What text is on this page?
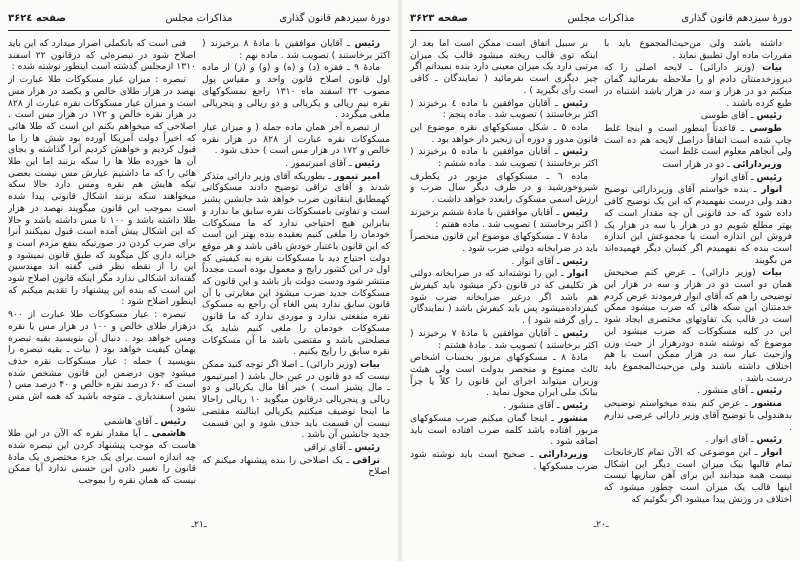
دورهٔ سیزدهم قانون گذاری
مذاکرات مجلس
صفحه ۳۶۲٤

رئیس ـ آقایان موافقین با مادهٔ ۸ برخیزند ( اکثر برخاستند ) تصویب شد . ماده نهم :

مادهٔ ۹ ـ فقره (د) و (ه) و (و) و (ز) از ماده اول قانون اصلاح قانون واحد و مقیاس پول مصوب ۲۲ اسفند ماه ۱۳۱۰ راجع بمسکوکهای نقره نیم ریالی و یکریالی و دو ریالی و پنجریالی ملغی میگردد .

از تبصره آخر همان ماده جمله ( و میزان عیار مسکوکات نقره عبارت از ۸۲۸ در هزار نقره خالص و ۱۷۲ در هزار مس است ) حذف شود .

رئیس ـ آقای امیرتیمور .

امیر تیمور ـ بطوریکه آقای وزیر دارائی متذکر شدند و آقای تراقی توضیح دادند مسکوکاتی کهمطابق اینقانون ضرب خواهد شد جانشین پشیز است و تفاوتی بامسکوکات نقره سابق ما ندارد و بنابراین هیچ احتیاجی ندارد که ما مسکوکات خودمان را ملغی کنیم بعقیده بنده بهتر این است که این قانون باعتبار خودش باقی باشد و هر موقع دولت احتیاج دید با مسکوکات نقره به کیفیتی که اول در این کشور رایج و معمول بوده است مجدداً منتشر شود ودست دولت باز باشد و این قانون که مسکوکات جدید ضرب میشود این مغایرتی با آن قانون سابق ندارد پس الغاء آن راجع به مسکوک نقره منفعتی ندارد و موردی ندارد که ما قانون مسکوکات خودمان را ملغی کنیم شاید یک مصلحتی باشد و مقتضی باشد ما آن مسکوکات نقره سابق را رایج بکنیم .

بیات (وزیر دارائی) ـ اصلا اگر توجه کنید ممکن نیست که دو قانون در عین حال باشد ( امیرتیمور ـ مال پشیز است ) خیر آقا مال یکریالی و دو ریالی و پنجریالی درقانون میگوید ۱۰ ریالی راحالا ما اینجا توصیف میکنیم یکریالی اینالبته مقتضی نیست آن قسمت باید حذف شود و این قسمت جدید جانشین آن باشد .

رئیس ـ آقای تراقی

تراقی ـ یک اصلاحی را بنده پیشنهاد میکنم که اصلاح

فنی است که بانکملی اصرار میدارد که این باید اصلاح شود در تبصره‌ئی که درقانون ۲۲ اسفند ۱۳۱۰ ازمجلس گذشته است اینطور نوشته شده :

تبصره : میزان عیار مسکوکات طلا عبارت از نهصد در هزار طلای خالص و یکصد در هزار مس است و میزان عیار مسکوکات نقره عبارت از ۸۲۸ در هزار نقره خالص و ۱۷۲ در هزار مس است . اصلاحی که میخواهم بکنم این است که طلا هائی که اخیراً دولت آمریکا آورده بود شش ها را ما قبول کردیم و خواهش کردیم آنرا گذاشته و بجای آن ها خورده طلا ها را سکه بزنند اما این طلا هائی را که ما داشتیم عیارش مس نیست بعضی تیکه هایش هم نقره ومس دارد حالا سکه میخواهند سکه بزنند اشکال قانونی پیدا شده است بموجب این قانون میگویند نهصد در هزار طلا داشته باشد و ۱۰۰ تا مس داشته باشد و حالا که این اشکال پیش آمده است قبول نمیکنند آنرا برای ضرب کردن در صورتیکه بنفع مردم است و خزانه داری کل میگوید که طبق قانون نمیشود و این را از نقطه نظر فنی گفته اند مهندسین گفته‌اند اشکالی ندارد مگر اینکه قانون اصلاح شود این است که بنده این پیشنهاد را تقدیم میکنم که اینطور اصلاح شود :

تبصره : عیار مسکوکات طلا عبارت از ۹۰۰ درهزار طلای خالص و ۱۰۰ در هزار مس یا نقره ومس خواهد بود . دنبال آن بنویسید بقیه تبصره بهمان کیفیت خواهد بود ( بیات ـ بقیه تبصره را بنویسید ) جمله : عیار مسکوکات نقره حذف میشود چون درضمن این قانون مشخص شده است که ۶۰ درصد نقره خالص و ۴۰ درصد مس ( یمین اسفندیاری ـ متوجه باشید که همه اش مس نشود )

رئیس ـ آقای هاشمی

هاشمی ـ آیا مقدار نقره که الآن در این طلا هاست که موجب پیشنهاد کردن این تبصره شده چه اندازه است برای یک جزء مختصری یک مادهٔ قانون را تغییر دادن این حسنی ندارد آیا ممکن نیست که همان نقره را بموجب

ـ۲۱ـ
دورهٔ سیزدهم قانون گذاری
مذاکرات مجلس
صفحه ۳۶۲۳

داشته باشد ولی من‌حیث‌المجموع باید با مقررات ماده اول تطبیق نماید .

بیات (وزیر دارائی) ـ لایحه اصلی را که دیروزخدمتتان دادم او را ملاحظه بفرمائید گمان میکنم دو در هزار و سه در هزار باشد اشتباه در طبع کرده باشند .

رئیس ـ آقای طوسی

طوسی ـ قاعدتاً اینطور است و اینجا غلط چاپ شده است اتفاقاً دراصل لایحه هم ده است ولی آنجاهم معلوم است غلط است

وزیردارائی ـ دو در هزار است

رئیس ـ آقای انوار

انوار ـ بنده خواستم آقای وزیردارائی توضیح دهند ولی درست نفهمیدم که این یک توضیح کافی داده شود که حد قانونی آن چه مقدار است که بهتر مطلع شویم دو در هزار یا سه در هزار یک فروش این اندازه است یا مجموعش این اندازه است بنده که نفهمیدم اگر کسان دیگر فهمیده‌اند من بگویند

بیات (وزیر دارائی) ـ عرض کنم صحیحش همان دو است دو در هزار و سه در هزار این توضیحی را هم که آقای انوار فرمودند عرض کردم خدمتتان این سکه هائی که ضرب میشود ممکن است در قالب یک تفاوتهای مختصری ایجاد شود این در کلیه مسکوکات که ضرب میشود این موضوع که نوشته شده دودرهزار از حیث وزن وازحیث عیار سه در هزار ممکن است با هم اختلاف داشته باشند ولی من‌حیث‌المجموع باید درست باشد .

رئیس ـ آقای منشور .

منشور ـ عرض کنم بنده میخواستم توضیحی بدهندولی با توضیح آقای وزیر دارائی عرضی ندارم .

رئیس ـ آقای انوار .

انوار ـ این موضوعی که الآن تمام کارخانجات تمام قالبها بیک میزان است دیگر این اشکال نیست همه میدانند این برای آهن سازیها نیست اینها قالب یک میزان است چطور میشود که اختلاف در وزنش پیدا میشود اگر بگوئیم که

بر سبیل اتفاق است ممکن است اما بعد از اینکه توی قالب ریخته میشود قالب یک میزان مرتبی دارد یک میزان معینی دارد بنده نمیدانم اگر چیز دیگری است بفرمائید ( نمایندگان ـ کافی است رأی بگیرید ) .

رئیس ـ آقایان موافقین با ماده ٤ برخیزند ( اکثر برخاستند ) تصویب شد . ماده پنجم :

ماده ۵ ـ شکل مسکوکهای نقره موضوع این قانون مدور و دوره آن زنجیر دار خواهد بود .

رئیس ـ آقایان موافقین با ماده ۵ برخیزند ( اکثر برخاستند ) تصویب شد . ماده ششم :

ماده ٦ ـ مسکوکهای مزبور در یکطرف شیروخورشید و در طرف دیگر سال ضرب و ارزش اسمی مسکوک رابعدد خواهد داشت .

رئیس ـ آقایان موافقین با مادهٔ ششم برخیزند ( اکثر برخاستند ) تصویب شد . ماده هفتم :

مادهٔ ۷ ـ مسکوکهای موضوع این قانون منحصراً باید در ضرابخانه دولتی ضرب شود .

رئیس ـ آقای انوار .

انوار ـ این را نوشته‌اند که در ضرابخانه دولتی هر تکلیفی که در قانون ذکر میشود باید کیفرش هم باشد اگر درغیر ضرابخانه ضرب شود کیفرداده‌میشود پس باید کیفرش باشد ( نمایندگان ـ رأی گرفته شود ) .

رئیس ـ آقایان موافقین با مادهٔ ۷ برخیزند ( اکثر برخاستند ) تصویب شد . مادهٔ هشتم :

مادهٔ ۸ ـ مسکوکهای مزبور بحساب اشخاص ثالث ممنوع و منحصر بدولت است ولی هیئت وزیران میتواند اجرای این قانون را کلاً یا جزاً ببانک ملی ایران محول نماید .

رئیس ـ آقای منشور .

منشور ـ اینجا گمان میکنم ضرب مسکوکهای مزبور افتاده باشد کلمه ضرب افتاده است باید اضافه شود .

وزیردارائی ـ صحیح است باید نوشته شود ضرب مسکوکها .

ـ۲۰ـ
